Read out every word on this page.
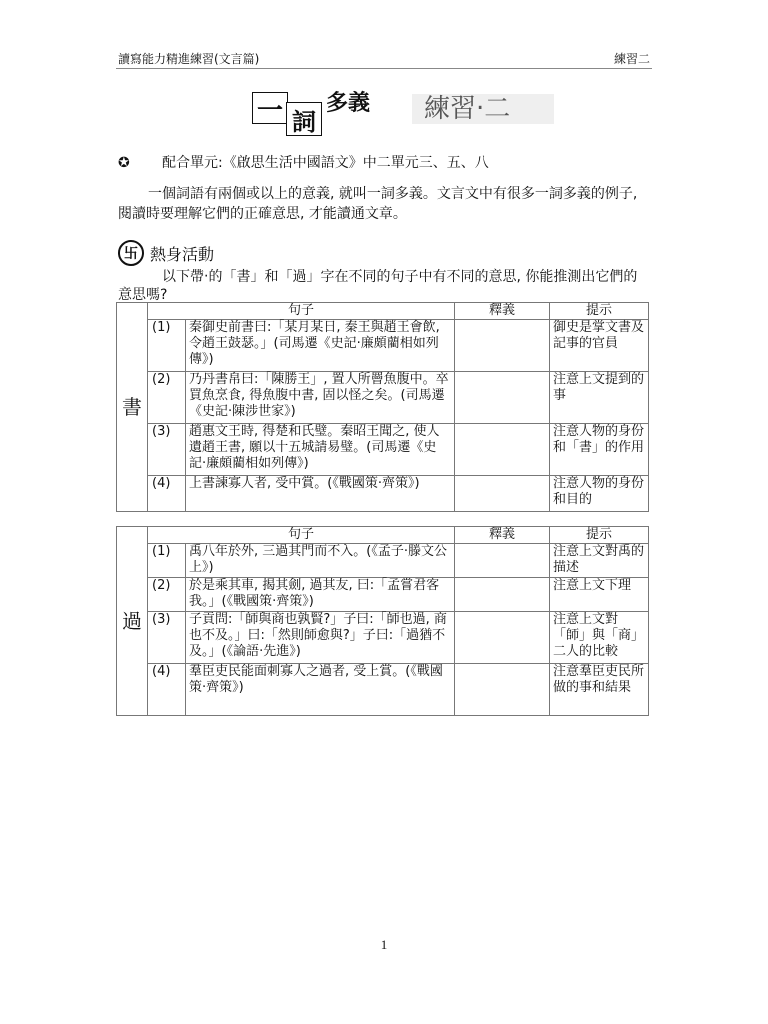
讀寫能力精進練習(文言篇)	練習二
一 詞
多義	練習‧二
✪ 配合單元:《啟思生活中國語文》中二單元三、五、八
一個詞語有兩個或以上的意義, 就叫一詞多義。文言文中有很多一詞多義的例子, 閱讀時要理解它們的正確意思, 才能讀通文章。
卐 熱身活動
以下帶‧的「書」和「過」字在不同的句子中有不同的意思, 你能推測出它們的意思嗎?
書	句子		釋義	提示
	(1)	秦御史前書曰:「某月某日, 秦王與趙王會飲, 令趙王鼓瑟。」(司馬遷《史記‧廉頗藺相如列傳》)		御史是掌文書及記事的官員
	(2)	乃丹書帛曰:「陳勝王」, 置人所罾魚腹中。卒買魚烹食, 得魚腹中書, 固以怪之矣。(司馬遷《史記‧陳涉世家》)		注意上文提到的事
	(3)	趙惠文王時, 得楚和氏璧。秦昭王聞之, 使人遺趙王書, 願以十五城請易璧。(司馬遷《史記‧廉頗藺相如列傳》)		注意人物的身份和「書」的作用
	(4)	上書諫寡人者, 受中賞。(《戰國策‧齊策》)		注意人物的身份和目的
過	句子		釋義	提示
	(1)	禹八年於外, 三過其門而不入。(《孟子‧滕文公上》)		注意上文對禹的描述
	(2)	於是乘其車, 揭其劍, 過其友, 曰:「孟嘗君客我。」(《戰國策‧齊策》)		注意上文下理
	(3)	子貢問:「師與商也孰賢?」子曰:「師也過, 商也不及。」曰:「然則師愈與?」子曰:「過猶不及。」(《論語‧先進》)		注意上文對「師」與「商」二人的比較
	(4)	羣臣吏民能面刺寡人之過者, 受上賞。(《戰國策‧齊策》)		注意羣臣吏民所做的事和結果
1
